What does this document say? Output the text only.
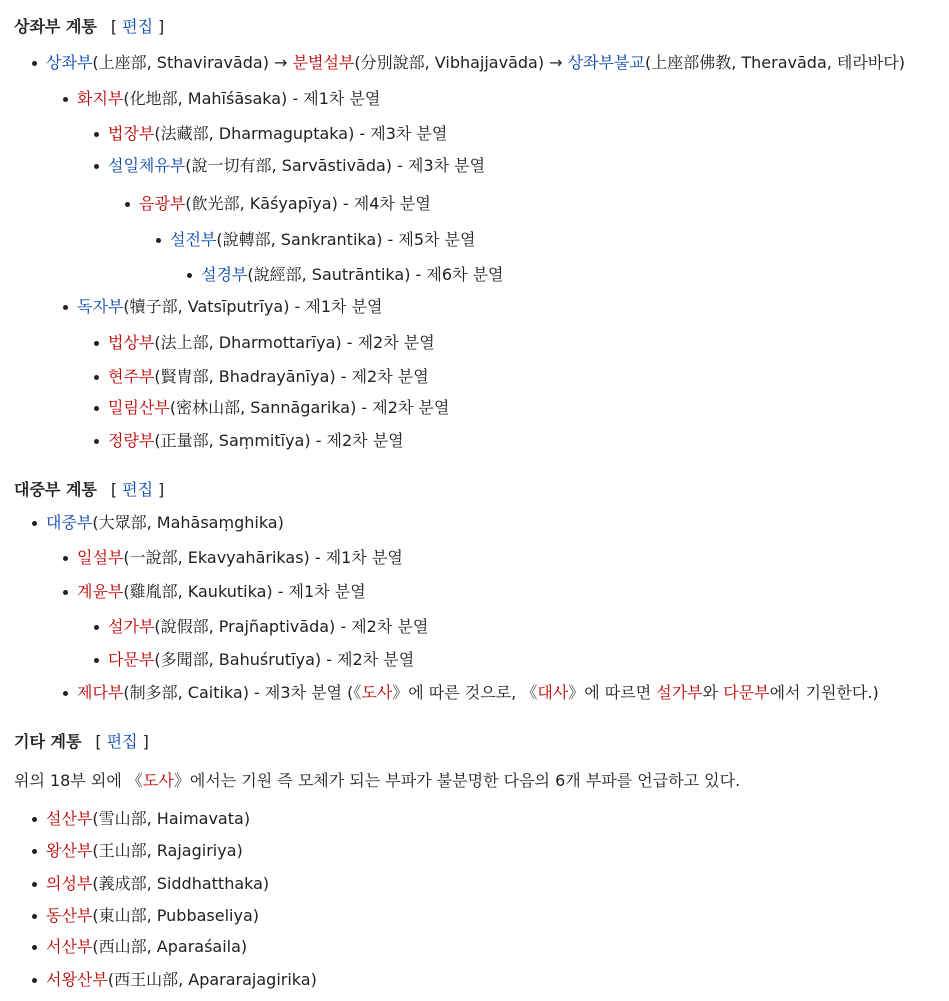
상좌부 계통 [ 편집 ]
상좌부(上座部, Sthaviravāda) → 분별설부(分別說部, Vibhajjavāda) → 상좌부불교(上座部佛教, Theravāda, 테라바다)
화지부(化地部, Mahīśāsaka) - 제1차 분열
법장부(法藏部, Dharmaguptaka) - 제3차 분열
설일체유부(說一切有部, Sarvāstivāda) - 제3차 분열
음광부(飮光部, Kāśyapīya) - 제4차 분열
설전부(說轉部, Sankrantika) - 제5차 분열
설경부(說經部, Sautrāntika) - 제6차 분열
독자부(犢子部, Vatsīputrīya) - 제1차 분열
법상부(法上部, Dharmottarīya) - 제2차 분열
현주부(賢冑部, Bhadrayānīya) - 제2차 분열
밀림산부(密林山部, Sannāgarika) - 제2차 분열
정량부(正量部, Saṃmitīya) - 제2차 분열
대중부 계통 [ 편집 ]
대중부(大眾部, Mahāsaṃghika)
일설부(一說部, Ekavyahārikas) - 제1차 분열
계윤부(雞胤部, Kaukutika) - 제1차 분열
설가부(說假部, Prajñaptivāda) - 제2차 분열
다문부(多聞部, Bahuśrutīya) - 제2차 분열
제다부(制多部, Caitika) - 제3차 분열 (《도사》에 따른 것으로, 《대사》에 따르면 설가부와 다문부에서 기원한다.)
기타 계통 [ 편집 ]
위의 18부 외에 《도사》에서는 기원 즉 모체가 되는 부파가 불분명한 다음의 6개 부파를 언급하고 있다.
설산부(雪山部, Haimavata)
왕산부(王山部, Rajagiriya)
의성부(義成部, Siddhatthaka)
동산부(東山部, Pubbaseliya)
서산부(西山部, Aparaśaila)
서왕산부(西王山部, Apararajagirika)
